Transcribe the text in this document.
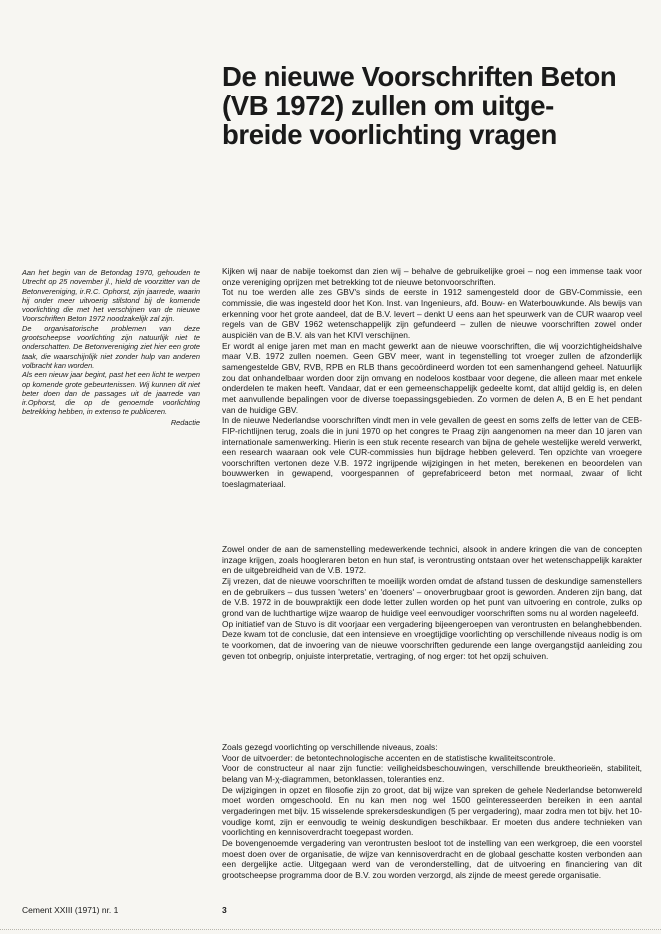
De nieuwe Voorschriften Beton
(VB 1972) zullen om uitge-
breide voorlichting vragen

Aan het begin van de Betondag 1970, gehouden te Utrecht op 25 november jl., hield de voorzitter van de Betonvereniging, ir.R.C. Ophorst, zijn jaarrede, waarin hij onder meer uitvoerig stilstond bij de komende voorlichting die met het verschijnen van de nieuwe Voorschriften Beton 1972 noodzakelijk zal zijn.

De organisatorische problemen van deze grootscheepse voorlichting zijn natuurlijk niet te onderschatten. De Betonvereniging ziet hier een grote taak, die waarschijnlijk niet zonder hulp van anderen volbracht kan worden.

Als een nieuw jaar begint, past het een licht te werpen op komende grote gebeurtenissen. Wij kunnen dit niet beter doen dan de passages uit de jaarrede van ir.Ophorst, die op de genoemde voorlichting betrekking hebben, in extenso te publiceren.

Redactie

Kijken wij naar de nabije toekomst dan zien wij – behalve de gebruikelijke groei – nog een immense taak voor onze vereniging oprijzen met betrekking tot de nieuwe betonvoorschriften.

Tot nu toe werden alle zes GBV's sinds de eerste in 1912 samengesteld door de GBV-Commissie, een commissie, die was ingesteld door het Kon. Inst. van Ingenieurs, afd. Bouw- en Waterbouwkunde. Als bewijs van erkenning voor het grote aandeel, dat de B.V. levert – denkt U eens aan het speurwerk van de CUR waarop veel regels van de GBV 1962 wetenschappelijk zijn gefundeerd – zullen de nieuwe voorschriften zowel onder auspiciën van de B.V. als van het KIVI verschijnen.

Er wordt al enige jaren met man en macht gewerkt aan de nieuwe voorschriften, die wij voorzichtigheidshalve maar V.B. 1972 zullen noemen. Geen GBV meer, want in tegenstelling tot vroeger zullen de afzonderlijk samengestelde GBV, RVB, RPB en RLB thans gecoördineerd worden tot een samenhangend geheel. Natuurlijk zou dat onhandelbaar worden door zijn omvang en nodeloos kostbaar voor degene, die alleen maar met enkele onderdelen te maken heeft. Vandaar, dat er een gemeenschappelijk gedeelte komt, dat altijd geldig is, en delen met aanvullende bepalingen voor de diverse toepassingsgebieden. Zo vormen de delen A, B en E het pendant van de huidige GBV.

In de nieuwe Nederlandse voorschriften vindt men in vele gevallen de geest en soms zelfs de letter van de CEB-FIP-richtlijnen terug, zoals die in juni 1970 op het congres te Praag zijn aangenomen na meer dan 10 jaren van internationale samenwerking. Hierin is een stuk recente research van bijna de gehele westelijke wereld verwerkt, een research waaraan ook vele CUR-commissies hun bijdrage hebben geleverd. Ten opzichte van vroegere voorschriften vertonen deze V.B. 1972 ingrijpende wijzigingen in het meten, berekenen en beoordelen van bouwwerken in gewapend, voorgespannen of geprefabriceerd beton met normaal, zwaar of licht toeslagmateriaal.

Zowel onder de aan de samenstelling medewerkende technici, alsook in andere kringen die van de concepten inzage krijgen, zoals hoogleraren beton en hun staf, is verontrusting ontstaan over het wetenschappelijk karakter en de uitgebreidheid van de V.B. 1972.

Zij vrezen, dat de nieuwe voorschriften te moeilijk worden omdat de afstand tussen de deskundige samenstellers en de gebruikers – dus tussen 'weters' en 'doeners' – onoverbrugbaar groot is geworden. Anderen zijn bang, dat de V.B. 1972 in de bouwpraktijk een dode letter zullen worden op het punt van uitvoering en controle, zulks op grond van de luchthartige wijze waarop de huidige veel eenvoudiger voorschriften soms nu al worden nageleefd.

Op initiatief van de Stuvo is dit voorjaar een vergadering bijeengeroepen van verontrusten en belanghebbenden. Deze kwam tot de conclusie, dat een intensieve en vroegtijdige voorlichting op verschillende niveaus nodig is om te voorkomen, dat de invoering van de nieuwe voorschriften gedurende een lange overgangstijd aanleiding zou geven tot onbegrip, onjuiste interpretatie, vertraging, of nog erger: tot het opzij schuiven.

Zoals gezegd voorlichting op verschillende niveaus, zoals:

Voor de uitvoerder: de betontechnologische accenten en de statistische kwaliteitscontrole.

Voor de constructeur al naar zijn functie: veiligheidsbeschouwingen, verschillende breuktheorieën, stabiliteit, belang van M-χ-diagrammen, betonklassen, toleranties enz.

De wijzigingen in opzet en filosofie zijn zo groot, dat bij wijze van spreken de gehele Nederlandse betonwereld moet worden omgeschoold. En nu kan men nog wel 1500 geïnteresseerden bereiken in een aantal vergaderingen met bijv. 15 wisselende sprekersdeskundigen (5 per vergadering), maar zodra men tot bijv. het 10-voudige komt, zijn er eenvoudig te weinig deskundigen beschikbaar. Er moeten dus andere technieken van voorlichting en kennisoverdracht toegepast worden.

De bovengenoemde vergadering van verontrusten besloot tot de instelling van een werkgroep, die een voorstel moest doen over de organisatie, de wijze van kennisoverdracht en de globaal geschatte kosten verbonden aan een dergelijke actie. Uitgegaan werd van de veronderstelling, dat de uitvoering en financiering van dit grootscheepse programma door de B.V. zou worden verzorgd, als zijnde de meest gerede organisatie.

Cement XXIII (1971) nr. 1	3
